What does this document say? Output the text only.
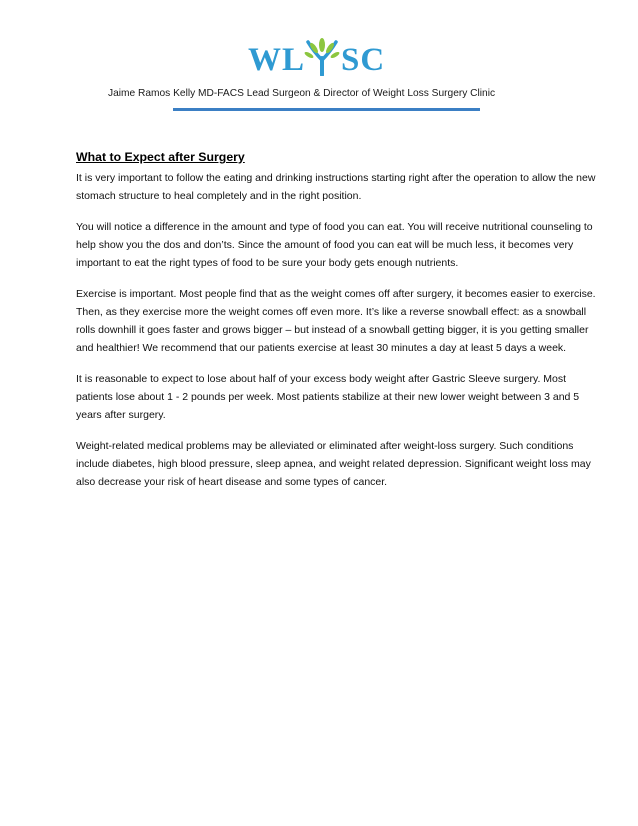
WL SC
Jaime Ramos Kelly MD-FACS Lead Surgeon & Director of Weight Loss Surgery Clinic
What to Expect after Surgery

It is very important to follow the eating and drinking instructions starting right after the operation to allow the new stomach structure to heal completely and in the right position.

You will notice a difference in the amount and type of food you can eat. You will receive nutritional counseling to help show you the dos and don’ts. Since the amount of food you can eat will be much less, it becomes very important to eat the right types of food to be sure your body gets enough nutrients.

Exercise is important. Most people find that as the weight comes off after surgery, it becomes easier to exercise. Then, as they exercise more the weight comes off even more. It’s like a reverse snowball effect: as a snowball rolls downhill it goes faster and grows bigger – but instead of a snowball getting bigger, it is you getting smaller and healthier! We recommend that our patients exercise at least 30 minutes a day at least 5 days a week.

It is reasonable to expect to lose about half of your excess body weight after Gastric Sleeve surgery. Most patients lose about 1 - 2 pounds per week. Most patients stabilize at their new lower weight between 3 and 5 years after surgery.

Weight-related medical problems may be alleviated or eliminated after weight-loss surgery. Such conditions include diabetes, high blood pressure, sleep apnea, and weight related depression. Significant weight loss may also decrease your risk of heart disease and some types of cancer.
